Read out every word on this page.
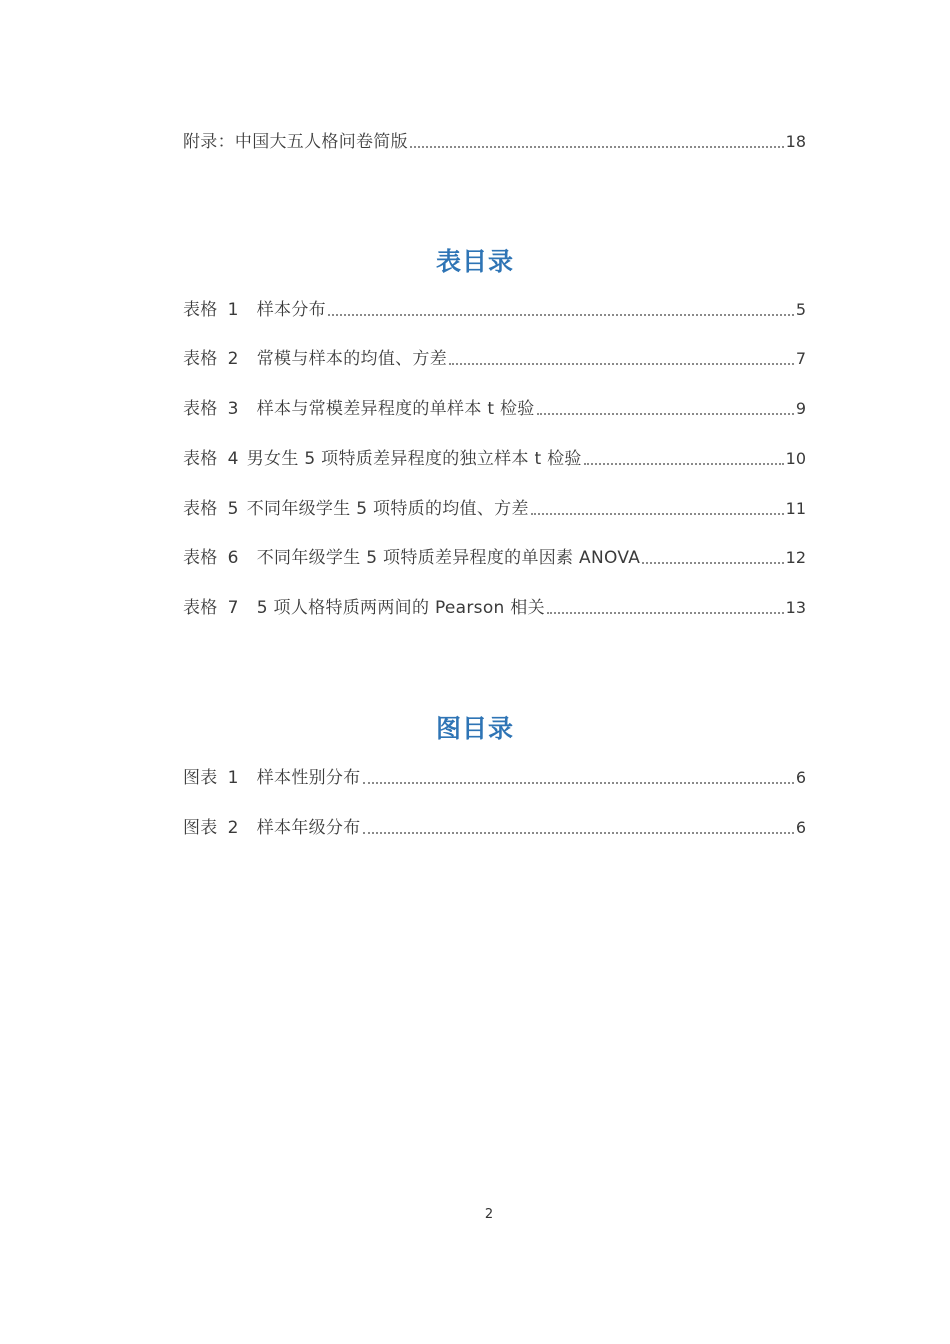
附录：中国大五人格问卷简版	18
表目录
表格 1 样本分布	5
表格 2 常模与样本的均值、方差	7
表格 3 样本与常模差异程度的单样本 t 检验	9
表格 4 男女生 5 项特质差异程度的独立样本 t 检验	10
表格 5 不同年级学生 5 项特质的均值、方差	11
表格 6 不同年级学生 5 项特质差异程度的单因素 ANOVA	12
表格 7 5 项人格特质两两间的 Pearson 相关	13
图目录
图表 1 样本性别分布	6
图表 2 样本年级分布	6
2
